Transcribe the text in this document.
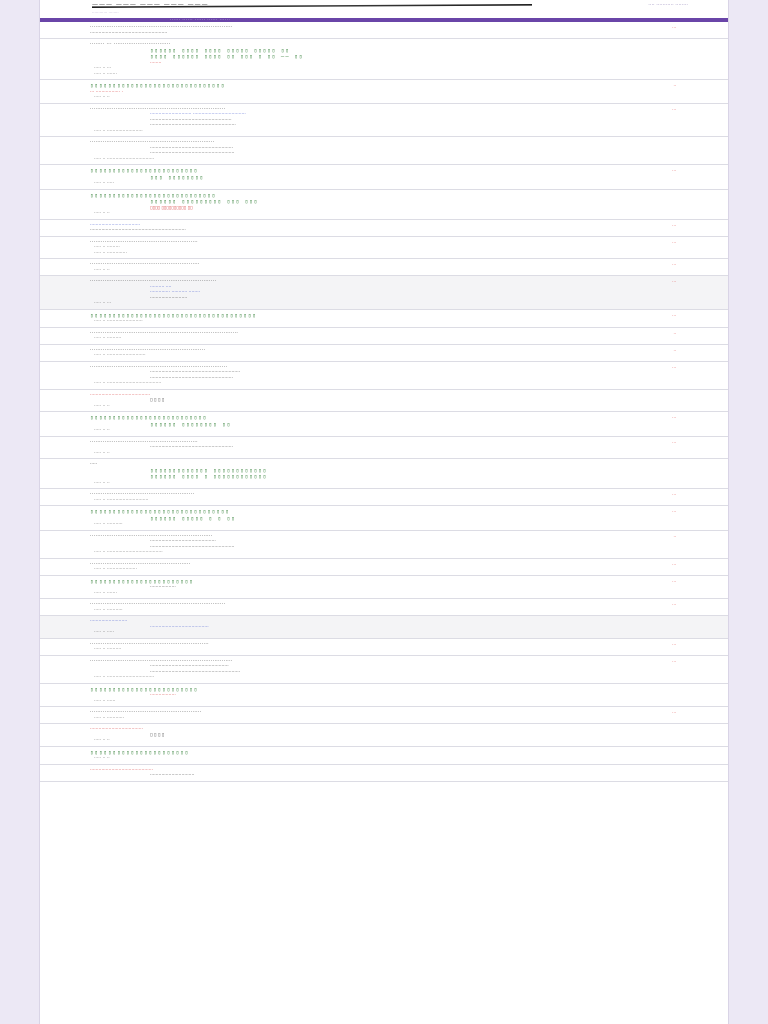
——— ——— ——— ——— ———	···· ··········· ········
············ ········
······ ······ ······ ······ ······
··············································································
······················································
···
········ ··· ·······························
▯▯▯▯▯▯ ▯▯▯▯ ▯▯▯▯ ▯▯▯▯▯ ▯▯▯▯▯ ▯▯
▯▯▯▯ ▯▯▯▯▯▯ ▯▯▯▯ ▯▯ ▯▯▯ ▯ ▯▯ —— ▯▯
········
····· ·· ···
····· ·· ·······
▯▯▯▯▯▯▯▯▯▯▯▯▯▯▯▯▯▯▯▯▯▯▯▯▯▯▯▯▯▯
··· ················· ·
····· ·· ··
··
··········································································
····························· ·····································
·························································
····························································
····· ·· ·························
···
····································································
··························································
···························································
····· ·· ·································
▯▯▯▯▯▯▯▯▯▯▯▯▯▯▯▯▯▯▯▯▯▯▯▯
▯▯▯ ▯▯▯▯▯▯▯▯
····· ·· ·····
···
▯▯▯▯▯▯▯▯▯▯▯▯▯▯▯▯▯▯▯▯▯▯▯▯▯▯▯▯
▯▯▯▯▯▯ ▯▯▯▯▯▯▯▯▯ ▯▯▯ ▯▯▯
▯▯▯▯ ▯▯▯▯▯▯▯▯▯▯ ▯▯
····· ·· ··
···································
···································································
···
···························································
····· ·· ·········
····· ·· ··············
···
····························································
····· ·· ··
···
·····································································
·········· ····
·············· ··········· ········
··························
····· ·· ···
···
▯▯▯▯▯▯▯▯▯▯▯▯▯▯▯▯▯▯▯▯▯▯▯▯▯▯▯▯▯▯▯▯▯▯▯▯▯
····· ·· ·························
···
·················································································
····· ·· ··········
··
·······························································
····· ·· ···························
··
···········································································
·······························································
··························································
····· ·· ······································
···
··········································
▯ ▯ ▯ ▯
····· ·· ··
▯▯▯▯▯▯▯▯▯▯▯▯▯▯▯▯▯▯▯▯▯▯▯▯▯▯
▯▯▯▯▯▯ ▯▯▯▯▯▯▯▯ ▯▯
····· ·· ··
···
···························································
··························································
····· ·· ··
···
·····
▯▯▯▯▯▯▯▯▯▯▯▯▯ ▯▯▯▯▯▯▯▯▯▯▯▯
▯▯▯▯▯▯ ▯▯▯▯ ▯ ▯▯▯▯▯▯▯▯▯▯▯▯
····· ·· ··
·························································
····· ·· ·····························
···
▯▯▯▯▯▯▯▯▯▯▯▯▯▯▯▯▯▯▯▯▯▯▯▯▯▯▯▯▯▯▯
▯▯▯▯▯▯ ▯▯▯▯▯ ▯ ▯ ▯▯
····· ·· ···········
···
···································································
··············································
···························································
····· ·· ·······································
··
·······················································
····· ·· ·····················
···
▯▯▯▯▯▯▯▯▯▯▯▯▯▯▯▯▯▯▯▯▯▯▯
··················
····· ·· ·······
···
··········································································
····· ·· ···········
···
··························
·········································
····· ·· ·····
·································································
····· ·· ··········
···
··············································································
·······················································
·······························································
····· ·· ·································
···
▯▯▯▯▯▯▯▯▯▯▯▯▯▯▯▯▯▯▯▯▯▯▯▯
··················
····· ·· ······
·····························································
····· ·· ············
···
·····································
▯ ▯ ▯ ▯
····· ·· ··
▯▯▯▯▯▯▯▯▯▯▯▯▯▯▯▯▯▯▯▯▯▯
····· ·· ··
············································
·······························
